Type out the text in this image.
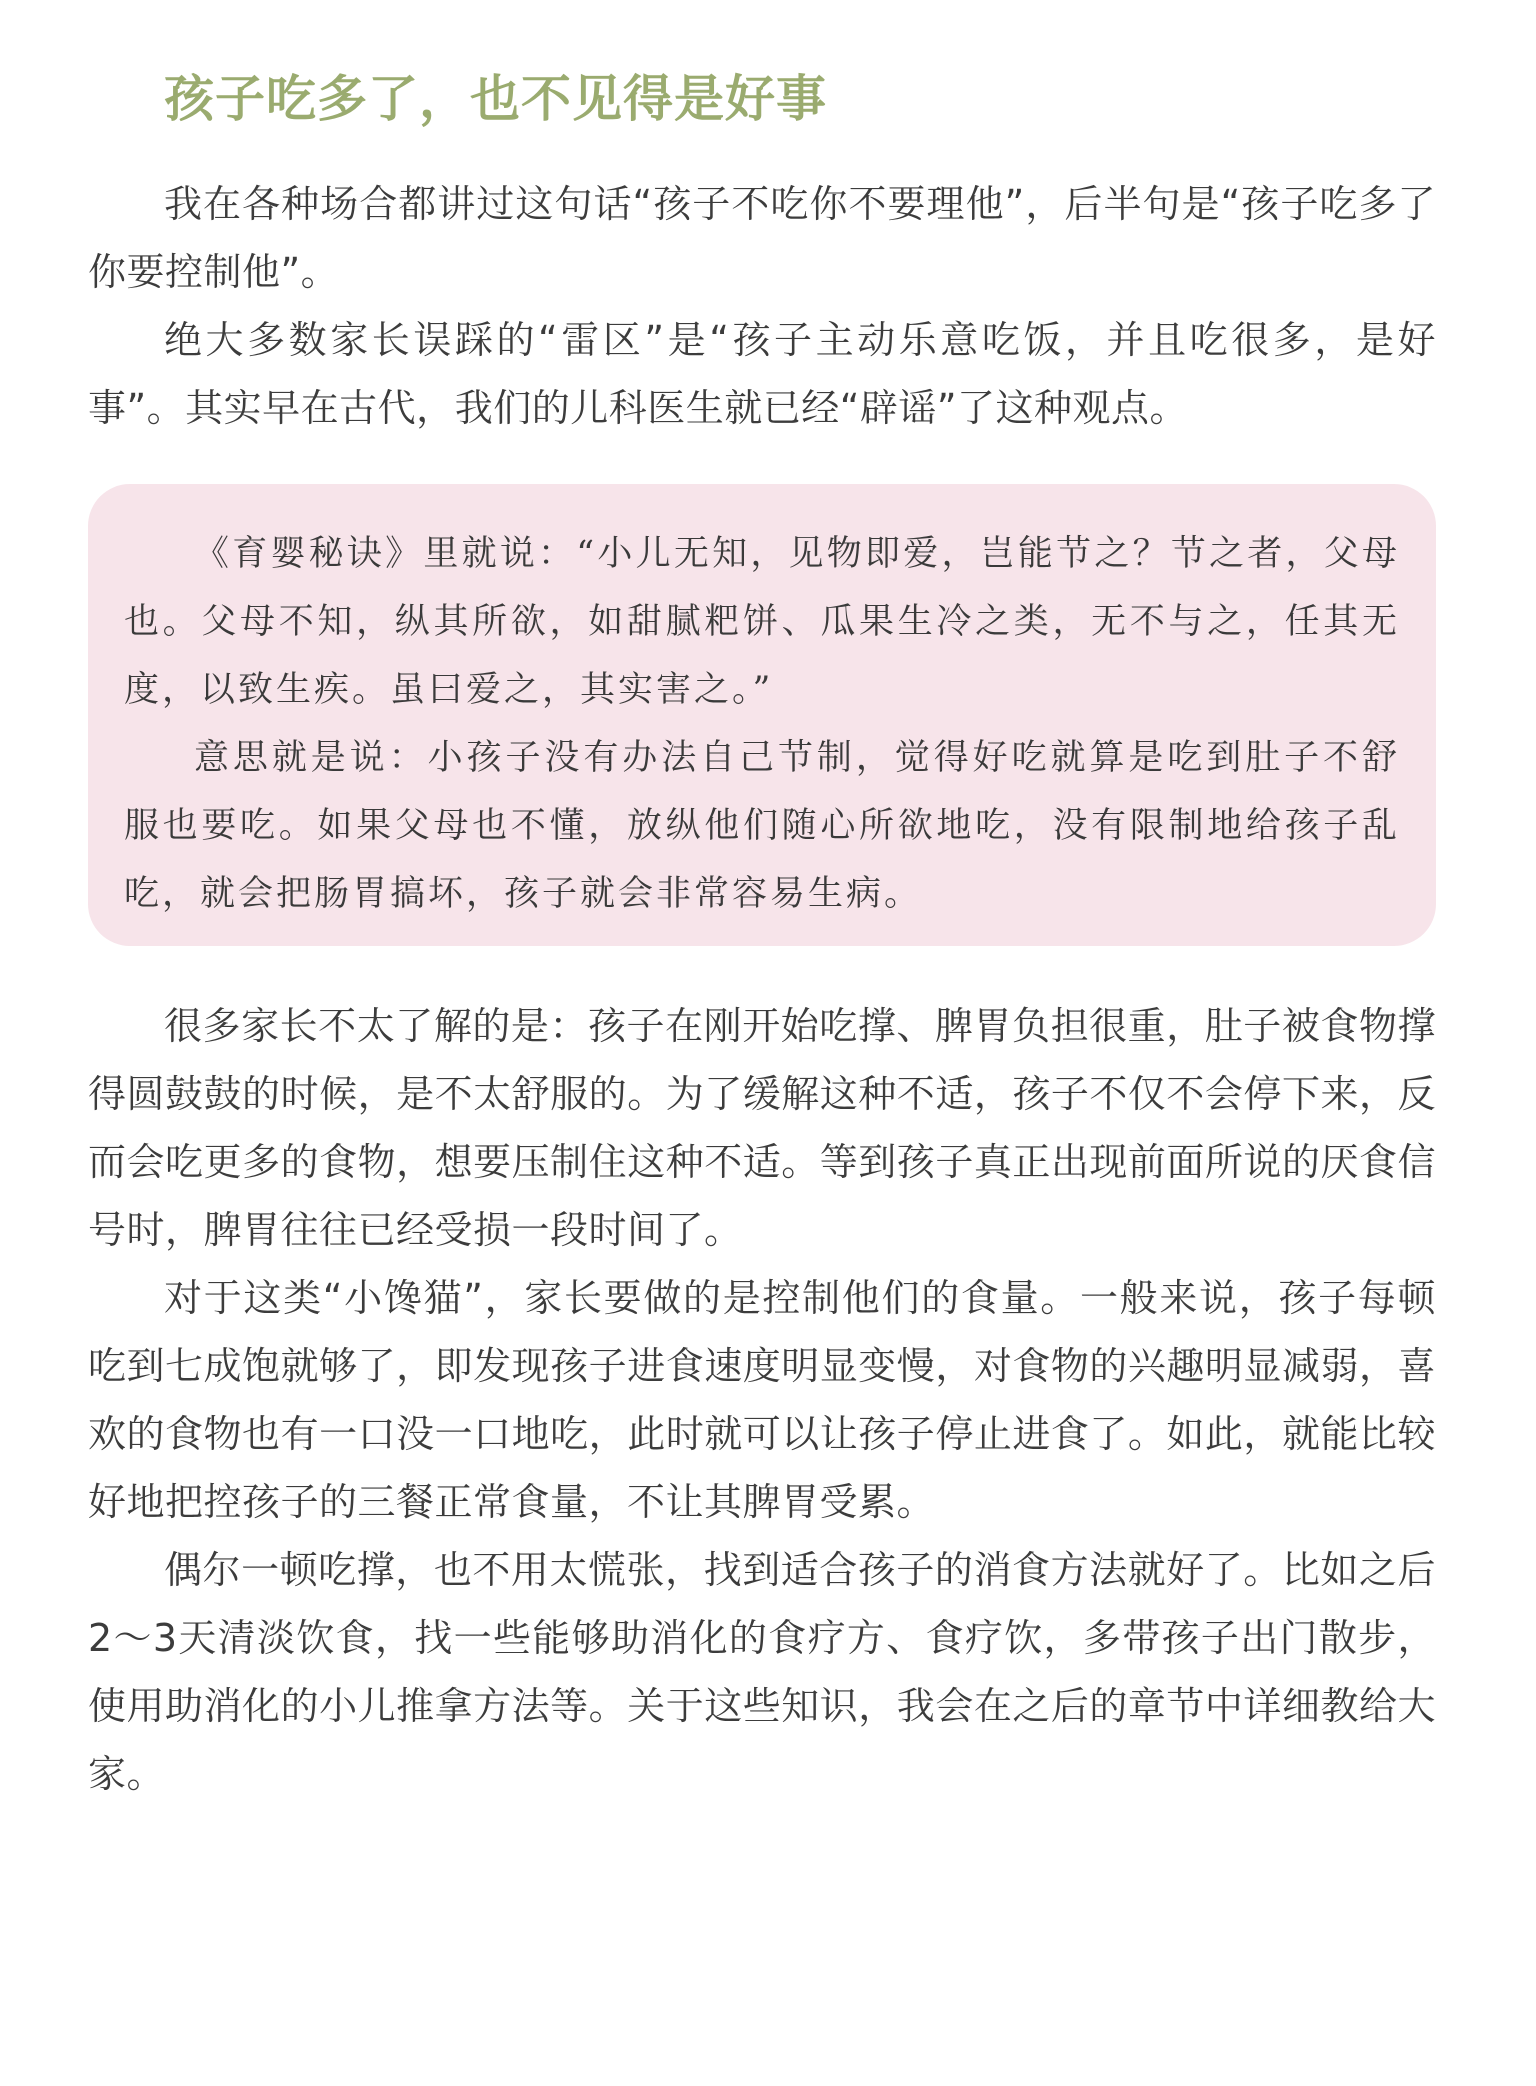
孩子吃多了，也不见得是好事

我在各种场合都讲过这句话“孩子不吃你不要理他”，后半句是“孩子吃多了你要控制他”。

绝大多数家长误踩的“雷区”是“孩子主动乐意吃饭，并且吃很多，是好事”。其实早在古代，我们的儿科医生就已经“辟谣”了这种观点。

《育婴秘诀》里就说：“小儿无知，见物即爱，岂能节之？节之者，父母也。父母不知，纵其所欲，如甜腻粑饼、瓜果生冷之类，无不与之，任其无度，以致生疾。虽曰爱之，其实害之。”

意思就是说：小孩子没有办法自己节制，觉得好吃就算是吃到肚子不舒服也要吃。如果父母也不懂，放纵他们随心所欲地吃，没有限制地给孩子乱吃，就会把肠胃搞坏，孩子就会非常容易生病。

很多家长不太了解的是：孩子在刚开始吃撑、脾胃负担很重，肚子被食物撑得圆鼓鼓的时候，是不太舒服的。为了缓解这种不适，孩子不仅不会停下来，反而会吃更多的食物，想要压制住这种不适。等到孩子真正出现前面所说的厌食信号时，脾胃往往已经受损一段时间了。

对于这类“小馋猫”，家长要做的是控制他们的食量。一般来说，孩子每顿吃到七成饱就够了，即发现孩子进食速度明显变慢，对食物的兴趣明显减弱，喜欢的食物也有一口没一口地吃，此时就可以让孩子停止进食了。如此，就能比较好地把控孩子的三餐正常食量，不让其脾胃受累。

偶尔一顿吃撑，也不用太慌张，找到适合孩子的消食方法就好了。比如之后2～3天清淡饮食，找一些能够助消化的食疗方、食疗饮，多带孩子出门散步，使用助消化的小儿推拿方法等。关于这些知识，我会在之后的章节中详细教给大家。
